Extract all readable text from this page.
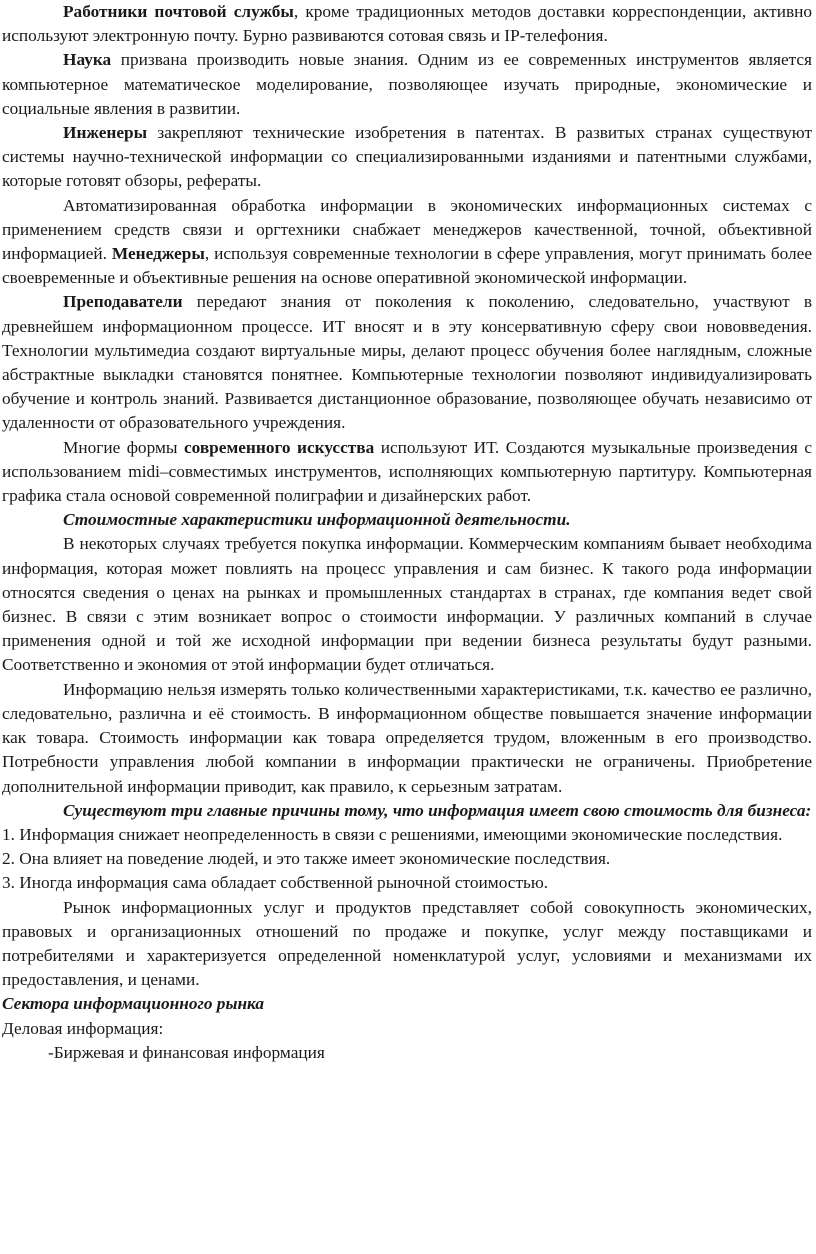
Работники почтовой службы, кроме традиционных методов доставки корреспонденции, активно используют электронную почту. Бурно развиваются сотовая связь и IP-телефония.

Наука призвана производить новые знания. Одним из ее современных инструментов является компьютерное математическое моделирование, позволяющее изучать природные, экономические и социальные явления в развитии.

Инженеры закрепляют технические изобретения в патентах. В развитых странах существуют системы научно-технической информации со специализированными изданиями и патентными службами, которые готовят обзоры, рефераты.

Автоматизированная обработка информации в экономических информационных системах с применением средств связи и оргтехники снабжает менеджеров качественной, точной, объективной информацией. Менеджеры, используя современные технологии в сфере управления, могут принимать более своевременные и объективные решения на основе оперативной экономической информации.

Преподаватели передают знания от поколения к поколению, следовательно, участвуют в древнейшем информационном процессе. ИТ вносят и в эту консервативную сферу свои нововведения. Технологии мультимедиа создают виртуальные миры, делают процесс обучения более наглядным, сложные абстрактные выкладки становятся понятнее. Компьютерные технологии позволяют индивидуализировать обучение и контроль знаний. Развивается дистанционное образование, позволяющее обучать независимо от удаленности от образовательного учреждения.

Многие формы современного искусства используют ИТ. Создаются музыкальные произведения с использованием midi–совместимых инструментов, исполняющих компьютерную партитуру. Компьютерная графика стала основой современной полиграфии и дизайнерских работ.

Стоимостные характеристики информационной деятельности.

В некоторых случаях требуется покупка информации. Коммерческим компаниям бывает необходима информация, которая может повлиять на процесс управления и сам бизнес. К такого рода информации относятся сведения о ценах на рынках и промышленных стандартах в странах, где компания ведет свой бизнес. В связи с этим возникает вопрос о стоимости информации. У различных компаний в случае применения одной и той же исходной информации при ведении бизнеса результаты будут разными. Соответственно и экономия от этой информации будет отличаться.

Информацию нельзя измерять только количественными характеристиками, т.к. качество ее различно, следовательно, различна и её стоимость. В информационном обществе повышается значение информации как товара. Стоимость информации как товара определяется трудом, вложенным в его производство. Потребности управления любой компании в информации практически не ограничены. Приобретение дополнительной информации приводит, как правило, к серьезным затратам.

Существуют три главные причины тому, что информация имеет свою стоимость для бизнеса:

1. Информация снижает неопределенность в связи с решениями, имеющими экономические последствия.

2. Она влияет на поведение людей, и это также имеет экономические последствия.

3. Иногда информация сама обладает собственной рыночной стоимостью.

Рынок информационных услуг и продуктов представляет собой совокупность экономических, правовых и организационных отношений по продаже и покупке, услуг между поставщиками и потребителями и характеризуется определенной номенклатурой услуг, условиями и механизмами их предоставления, и ценами.

Сектора информационного рынка

Деловая информация:

-Биржевая и финансовая информация
